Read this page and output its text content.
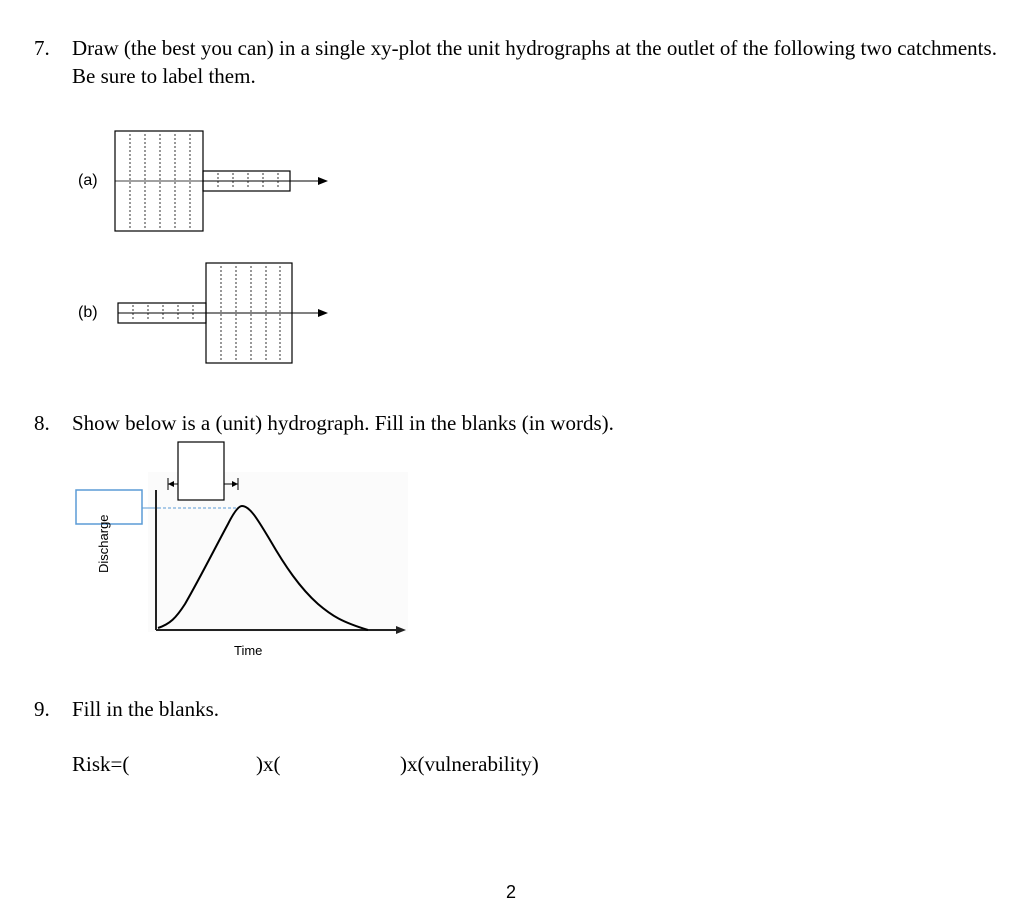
7. Draw (the best you can) in a single xy-plot the unit hydrographs at the outlet of the following two catchments. Be sure to label them.
(a)
(b)
8. Show below is a (unit) hydrograph. Fill in the blanks (in words).
Discharge
Time
9. Fill in the blanks.
Risk=(	)x(	)x(vulnerability)
2
